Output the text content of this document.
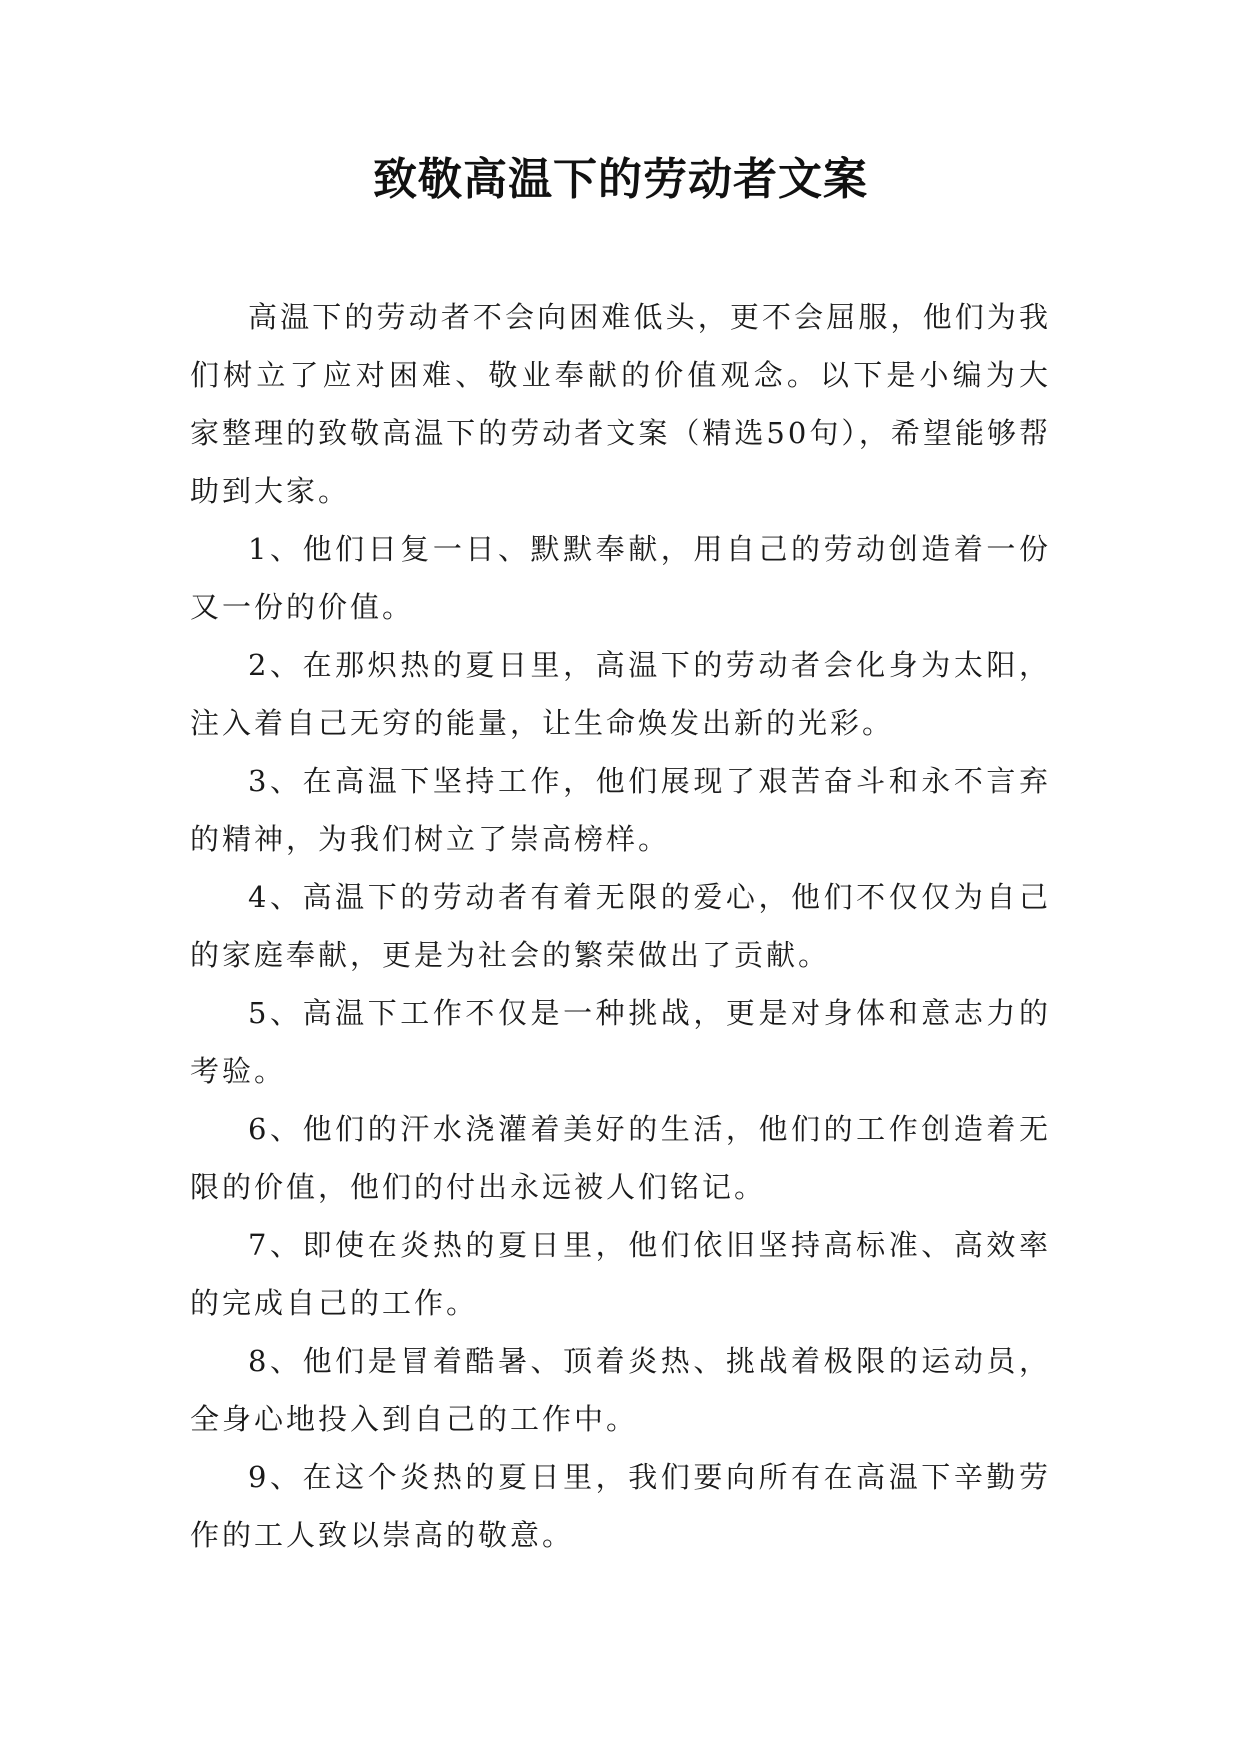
致敬高温下的劳动者文案

高温下的劳动者不会向困难低头，更不会屈服，他们为我们树立了应对困难、敬业奉献的价值观念。以下是小编为大家整理的致敬高温下的劳动者文案（精选50句），希望能够帮助到大家。

1、他们日复一日、默默奉献，用自己的劳动创造着一份又一份的价值。

2、在那炽热的夏日里，高温下的劳动者会化身为太阳，注入着自己无穷的能量，让生命焕发出新的光彩。

3、在高温下坚持工作，他们展现了艰苦奋斗和永不言弃的精神，为我们树立了崇高榜样。

4、高温下的劳动者有着无限的爱心，他们不仅仅为自己的家庭奉献，更是为社会的繁荣做出了贡献。

5、高温下工作不仅是一种挑战，更是对身体和意志力的考验。

6、他们的汗水浇灌着美好的生活，他们的工作创造着无限的价值，他们的付出永远被人们铭记。

7、即使在炎热的夏日里，他们依旧坚持高标准、高效率的完成自己的工作。

8、他们是冒着酷暑、顶着炎热、挑战着极限的运动员，全身心地投入到自己的工作中。

9、在这个炎热的夏日里，我们要向所有在高温下辛勤劳作的工人致以崇高的敬意。
